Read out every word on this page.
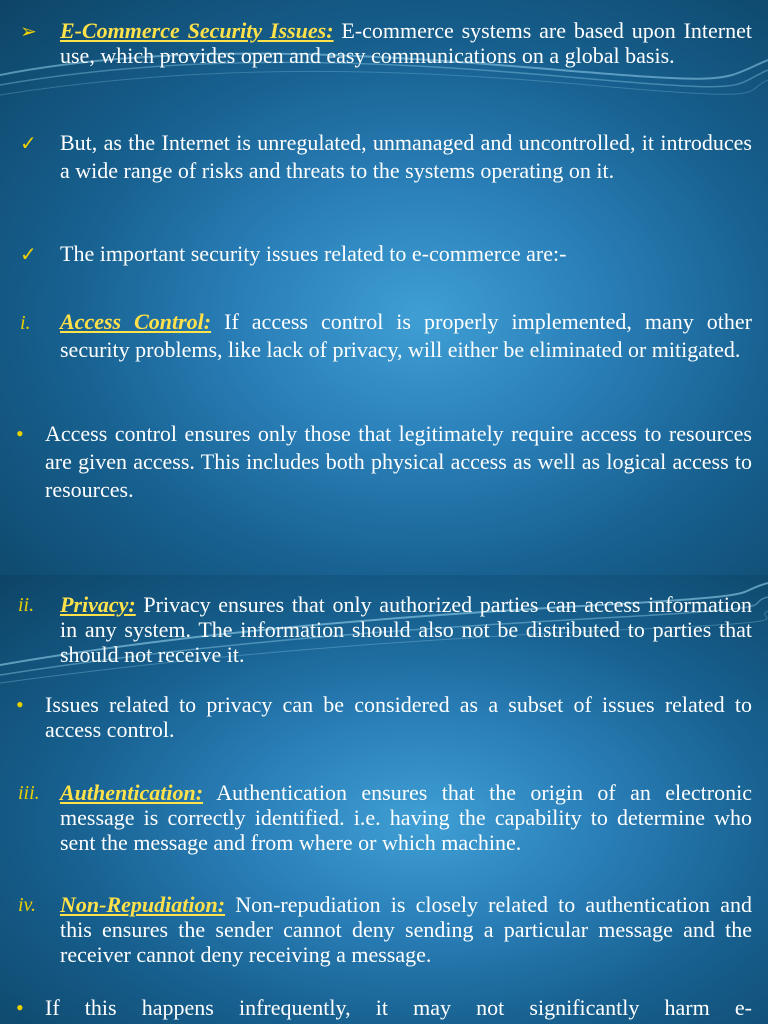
➢ E-Commerce Security Issues: E-commerce systems are based upon Internet use, which provides open and easy communications on a global basis.
✓ But, as the Internet is unregulated, unmanaged and uncontrolled, it introduces a wide range of risks and threats to the systems operating on it.
✓ The important security issues related to e-commerce are:-
i. Access Control: If access control is properly implemented, many other security problems, like lack of privacy, will either be eliminated or mitigated.
• Access control ensures only those that legitimately require access to resources are given access. This includes both physical access as well as logical access to resources.
ii. Privacy: Privacy ensures that only authorized parties can access information in any system. The information should also not be distributed to parties that should not receive it.
• Issues related to privacy can be considered as a subset of issues related to access control.
iii. Authentication: Authentication ensures that the origin of an electronic message is correctly identified. i.e. having the capability to determine who sent the message and from where or which machine.
iv. Non-Repudiation: Non-repudiation is closely related to authentication and this ensures the sender cannot deny sending a particular message and the receiver cannot deny receiving a message.
• If this happens infrequently, it may not significantly harm e-
